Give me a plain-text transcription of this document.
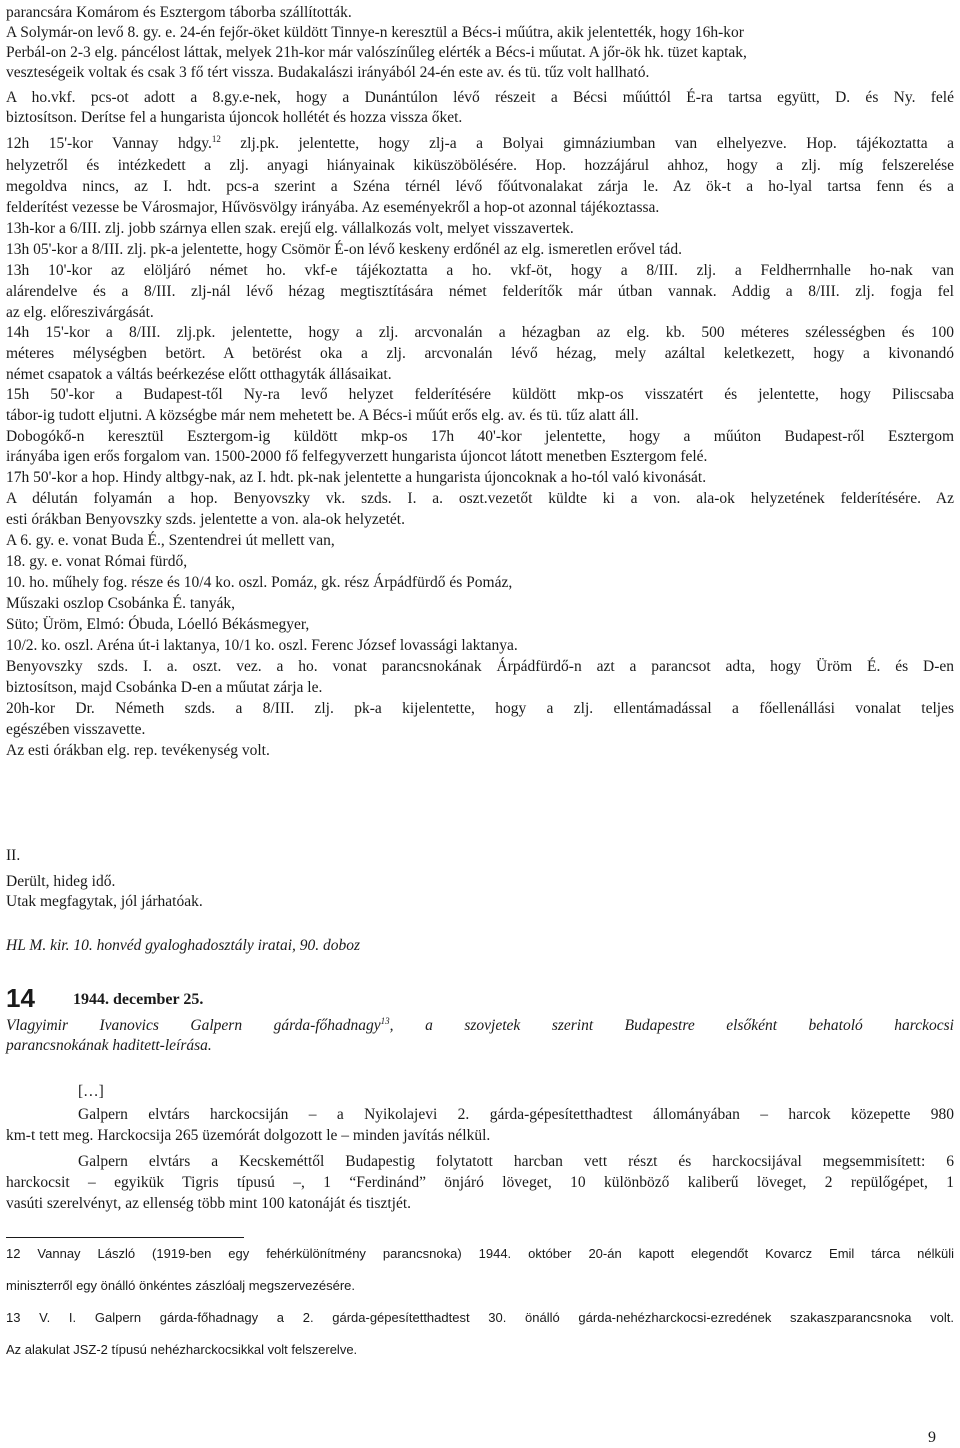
parancsára Komárom és Esztergom táborba szállították.
A Solymár-on levő 8. gy. e. 24-én fejőr-öket küldött Tinnye-n keresztül a Bécs-i műútra, akik jelentették, hogy 16h-kor
Perbál-on 2-3 elg. páncélost láttak, melyek 21h-kor már valószínűleg elérték a Bécs-i műutat. A jőr-ök hk. tüzet kaptak,
veszteségeik voltak és csak 3 fő tért vissza. Budakalászi irányából 24-én este av. és tü. tűz volt hallható.
A ho.vkf. pcs-ot adott a 8.gy.e-nek, hogy a Dunántúlon lévő részeit a Bécsi műúttól É-ra tartsa együtt, D. és Ny. felé
biztosítson. Derítse fel a hungarista újoncok hollétét és hozza vissza őket.
12h 15'-kor Vannay hdgy.$^{12}$ zlj.pk. jelentette, hogy zlj-a a Bolyai gimnáziumban van elhelyezve. Hop. tájékoztatta a
helyzetről és intézkedett a zlj. anyagi hiányainak kiküszöbölésére. Hop. hozzájárul ahhoz, hogy a zlj. míg felszerelése
megoldva nincs, az I. hdt. pcs-a szerint a Széna térnél lévő főútvonalakat zárja le. Az ök-t a ho-lyal tartsa fenn és a
felderítést vezesse be Városmajor, Hűvösvölgy irányába. Az eseményekről a hop-ot azonnal tájékoztassa.
13h-kor a 6/III. zlj. jobb szárnya ellen szak. erejű elg. vállalkozás volt, melyet visszavertek.
13h 05'-kor a 8/III. zlj. pk-a jelentette, hogy Csömör É-on lévő keskeny erdőnél az elg. ismeretlen erővel tád.
13h 10'-kor az elöljáró német ho. vkf-e tájékoztatta a ho. vkf-öt, hogy a 8/III. zlj. a Feldherrnhalle ho-nak van
alárendelve és a 8/III. zlj-nál lévő hézag megtisztítására német felderítők már útban vannak. Addig a 8/III. zlj. fogja fel
az elg. előreszivárgását.
14h 15'-kor a 8/III. zlj.pk. jelentette, hogy a zlj. arcvonalán a hézagban az elg. kb. 500 méteres szélességben és 100
méteres mélységben betört. A betörést oka a zlj. arcvonalán lévő hézag, mely azáltal keletkezett, hogy a kivonandó
német csapatok a váltás beérkezése előtt otthagyták állásaikat.
15h 50'-kor a Budapest-től Ny-ra levő helyzet felderítésére küldött mkp-os visszatért és jelentette, hogy Piliscsaba
tábor-ig tudott eljutni. A községbe már nem mehetett be. A Bécs-i műút erős elg. av. és tü. tűz alatt áll.
Dobogókő-n keresztül Esztergom-ig küldött mkp-os 17h 40'-kor jelentette, hogy a műúton Budapest-ről Esztergom
irányába igen erős forgalom van. 1500-2000 fő felfegyverzett hungarista újoncot látott menetben Esztergom felé.
17h 50'-kor a hop. Hindy altbgy-nak, az I. hdt. pk-nak jelentette a hungarista újoncoknak a ho-tól való kivonását.
A délután folyamán a hop. Benyovszky vk. szds. I. a. oszt.vezetőt küldte ki a von. ala-ok helyzetének felderítésére. Az
esti órákban Benyovszky szds. jelentette a von. ala-ok helyzetét.
A 6. gy. e. vonat Buda É., Szentendrei út mellett van,
18. gy. e. vonat Római fürdő,
10. ho. műhely fog. része és 10/4 ko. oszl. Pomáz, gk. rész Árpádfürdő és Pomáz,
Műszaki oszlop Csobánka É. tanyák,
Süto; Üröm, Elmó: Óbuda, Lóelló Békásmegyer,
10/2. ko. oszl. Aréna út-i laktanya, 10/1 ko. oszl. Ferenc József lovassági laktanya.
Benyovszky szds. I. a. oszt. vez. a ho. vonat parancsnokának Árpádfürdő-n azt a parancsot adta, hogy Üröm É. és D-en
biztosítson, majd Csobánka D-en a műutat zárja le.
20h-kor Dr. Németh szds. a 8/III. zlj. pk-a kijelentette, hogy a zlj. ellentámadással a főellenállási vonalat teljes
egészében visszavette.
Az esti órákban elg. rep. tevékenység volt.
II.
Derült, hideg idő.
Utak megfagytak, jól járhatóak.
HL M. kir. 10. honvéd gyaloghadosztály iratai, 90. doboz
14 1944. december 25.
Vlagyimir Ivanovics Galpern gárda-főhadnagy$^{13}$, a szovjetek szerint Budapestre elsőként behatoló harckocsi
parancsnokának haditett-leírása.
[…]
Galpern elvtárs harckocsiján – a Nyikolajevi 2. gárda-gépesítetthadtest állományában – harcok közepette 980
km-t tett meg. Harckocsija 265 üzemórát dolgozott le – minden javítás nélkül.
Galpern elvtárs a Kecskeméttől Budapestig folytatott harcban vett részt és harckocsijával megsemmisített: 6
harckocsit – egyikük Tigris típusú –, 1 “Ferdinánd” önjáró löveget, 10 különböző kaliberű löveget, 2 repülőgépet, 1
vasúti szerelvényt, az ellenség több mint 100 katonáját és tisztjét.
12 Vannay László (1919-ben egy fehérkülönítmény parancsnoka) 1944. október 20-án kapott elegendőt Kovarcz Emil tárca nélküli
miniszterről egy önálló önkéntes zászlóalj megszervezésére.
13 V. I. Galpern gárda-főhadnagy a 2. gárda-gépesítetthadtest 30. önálló gárda-nehézharckocsi-ezredének szakaszparancsnoka volt.
Az alakulat JSZ-2 típusú nehézharckocsikkal volt felszerelve.
9
